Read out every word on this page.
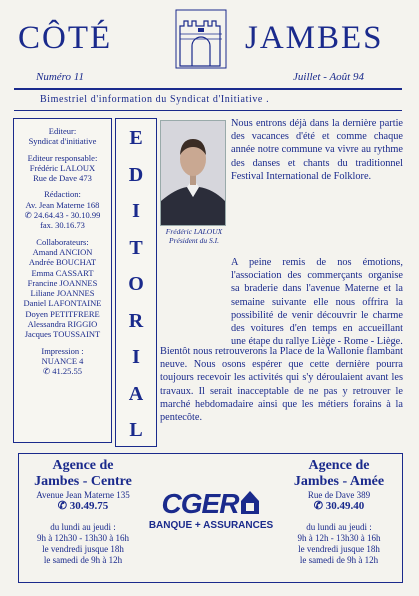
CÔTÉ	JAMBES
Numéro 11	Juillet - Août 94
Bimestriel d'information du Syndicat d'Initiative .

Editeur:

Syndicat d'initiative

Editeur responsable:

Frédéric LALOUX

Rue de Dave 473

Rédaction:

Av. Jean Materne 168

✆ 24.64.43 - 30.10.99

fax. 30.16.73

Collaborateurs:

Amand ANCION

Andrée BOUCHAT

Emma CASSART

Francine JOANNES

Liliane JOANNES

Daniel LAFONTAINE

Doyen PETITFRERE

Alessandra RIGGIO

Jacques TOUSSAINT

Impression :

NUANCE 4

✆ 41.25.55

E
D
I
T
O
R
I
A
L
Frédéric LALOUX
Président du S.I.
Nous entrons déjà dans la dernière partie des vacances d'été et comme chaque année notre commune va vivre au rythme des danses et chants du traditionnel Festival International de Folklore.

A peine remis de nos émotions, l'association des commerçants organise sa braderie dans l'avenue Materne et la semaine suivante elle nous offrira la possibilité de venir découvrir le charme des voitures d'en temps en accueillant une étape du rallye Liège - Rome - Liège.

Bientôt nous retrouverons la Place de la Wallonie flambant neuve. Nous osons espérer que cette dernière pourra toujours recevoir les activités qui s'y déroulaient avant les travaux. Il serait inacceptable de ne pas y retrouver le marché hebdomadaire ainsi que les métiers forains à la pentecôte.
Agence de
Jambes - Centre
Avenue Jean Materne 135
✆ 30.49.75
du lundi au jeudi :
9h à 12h30 - 13h30 à 16h
le vendredi jusque 18h
le samedi de 9h à 12h
CGER
BANQUE + ASSURANCES
Agence de
Jambes - Amée
Rue de Dave 389
✆ 30.49.40
du lundi au jeudi :
9h à 12h - 13h30 à 16h
le vendredi jusque 18h
le samedi de 9h à 12h
